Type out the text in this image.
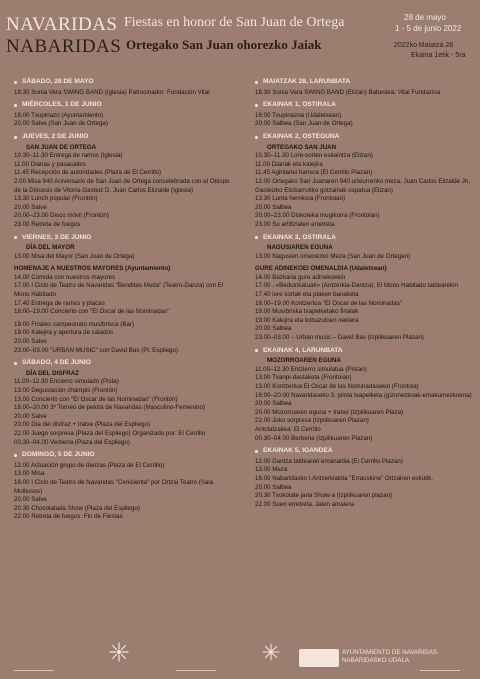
NAVARIDAS
NABARIDAS
Fiestas en honor de San Juan de Ortega
Ortegako San Juan ohorezko Jaiak
28 de mayo
1 - 5 de junio 2022
2022ko Maiatza 28
Ekaina 1etik - 5ra
SÁBADO, 28 DE MAYO
18.30 Sonia Vera SWING BAND (Iglesia) Patrocinador: Fundación Vital
MIÉRCOLES, 1 DE JUNIO
18.00 Txupinazo (Ayuntamiento)
20.00 Salve (San Juan de Ortega)
JUEVES, 2 DE JUNIO
SAN JUAN DE ORTEGA
10.30–11.30 Entrega de ramos (Iglesia)
11.00 Dianas y pasacalles
11.45 Recepción de autoridades (Plaza de El Cerrillo)
2.00 Misa 940 Aniversario de San Juan de Ortega concelebrada con el Obispo de la Diócesis de Vitoria-Gasteiz D. Juan Carlos Elizalde (Iglesia)
13.30 Lunch popular (Frontón)
20.00 Salve
20.00–23.00 Disco móvil (Frontón)
23.00 Retreta de fuegos
VIERNES, 3 DE JUNIO
DÍA DEL MAYOR
13.00 Misa del Mayor (San Juan de Ortega)
HOMENAJE A NUESTROS MAYORES (Ayuntamiento)
14.00 Comida con nuestros mayores
17.00 I Ciclo de Teatro de Navaridas "Benditas Muda" (Teatro-Danza) con El Mono Habitado
17.40 Entrega de ramos y placas
18.00–19.00 Concierto con "El Oscar de las Nominadas"
19.00 Finales campeonato mus/brisca (Bar)
19.00 Kalejira y apertura de calados
20.00 Salve
23.00–03.00 "URBAN MUSIC" con David Bas (Pl. Espliego)
SÁBADO, 4 DE JUNIO
DÍA DEL DISFRAZ
11.00–12.30 Encierro simulado (Pista)
13.00 Degustación champis (Frontón)
13.00 Concierto con "El Oscar de las Nominadas" (Frontón)
18.00–20.00 3º Torneo de pelota de Navaridas (Masculino-Femenino)
20.00 Salve
20.00 Día del disfraz + Iratxe (Plaza del Espliego)
22.00 Juego sorpresa (Plaza del Espliego) Organizado por: El Cerrillo
00.30–04.00 Verbena (Plaza del Espliego)
DOMINGO, 5 DE JUNIO
12.00 Actuación grupo de danzas (Plaza de El Cerrillo)
13.00 Misa
18.00 I Ciclo de Teatro de Navaridas "Cenicienta" por Ortzai Teatro (Sala Multiusos)
20.00 Salve
20.30 Chocolatada Show (Plaza del Espliego)
22.00 Retreta de fuegos. Fin de Fiestas
MAIATZAK 28, LARUNBATA
18.30 Sonia Vera SWING BAND (Elizan) Babeslea: Vital Fundazioa
EKAINAK 1, OSTIRALA
18.00 Txupinazoa (Udaletxean)
20.00 Salbea (San Juan de Ortega)
EKAINAK 2, OSTEGUNA
ORTEGAKO SAN JUAN
10.30–11.30 Lore-sorten eskaintza (Elizan)
11.00 Dianak eta kalejira
11.45 Agintariei harrera (El Cerrillo Plazan)
12.00 Ortegako San Juanaren 940.urteurrenko meza, Juan Carlos Elizalde Jn, Gasteizko Elizbarrutiko gotzainak ospatua (Elizan)
13.30 Lunta herrikoia (Frontoian)
20.00 Salbea
20.00–23.00 Diskoteka mugikorra (Frontoian)
23.00 Su artifizialen erretreta
EKAINAK 3, OSTIRALA
NAGUSIAREN EGUNA
13.00 Nagusien omenezko Meza (San Juan de Ortegan)
GURE ADINEKOEI OMENALDIA (Udaletxean)
14.00 Bazkaria gure adinekoekin
17.00 . «Beduinkatuak» (Antzerkia-Dantza), El Mono Habitado taldearekin
17.40 lore sortak eta plaken banaketa
18.00–19.00 Kontzertua "El Oscar de las Nominadas"
19.00 Mus/briska txapelketako finalak
19.00 Kalejira eta kobazuloen irekiera
20.00 Salbea
23.00–03.00 – Urban music – David Bas (Izpilikuaren Plazan)
EKAINAK 4, LARUNBATA
MOZORROAREN EGUNA
11.00–12.30 Entzierro simulatua (Pistan)
13.00 Txanpi-dastaketa (Frontoian)
13.00 Kontzertua El Oscar de las Nominadasekin (Frontoia)
18.00–20.00 Navaridaseko 3. pilota txapelketa (gizonezkoak-emakumezkoena)
20.00 Salbea
20.00 Mozorroaren eguna + Iratxe (Izpilikuaren Plaza)
22.00 Joko sorpresa (Izpilikuaren Plazan)
Antolatzailea: El Cerrillo
00.30–04.00 Berbena (Izpilikuaren Plazan)
EKAINAK 5, IGANDEA
12.00 Dantza taldearen emanaldia (El Cerrillo Plazan)
13.00 Meza
18.00 Nabaridasko I.Antzerkialdia "Errauskine" Ortzairen eskutik.
20.00 Salbea
20.30 Txokolate jana Show-a (Izpilikuaren plazan)
22.00 Suen erretreta. Jaien amaiera
AYUNTAMIENTO DE NAVARIDAS
NABARIDASKO UDALA
